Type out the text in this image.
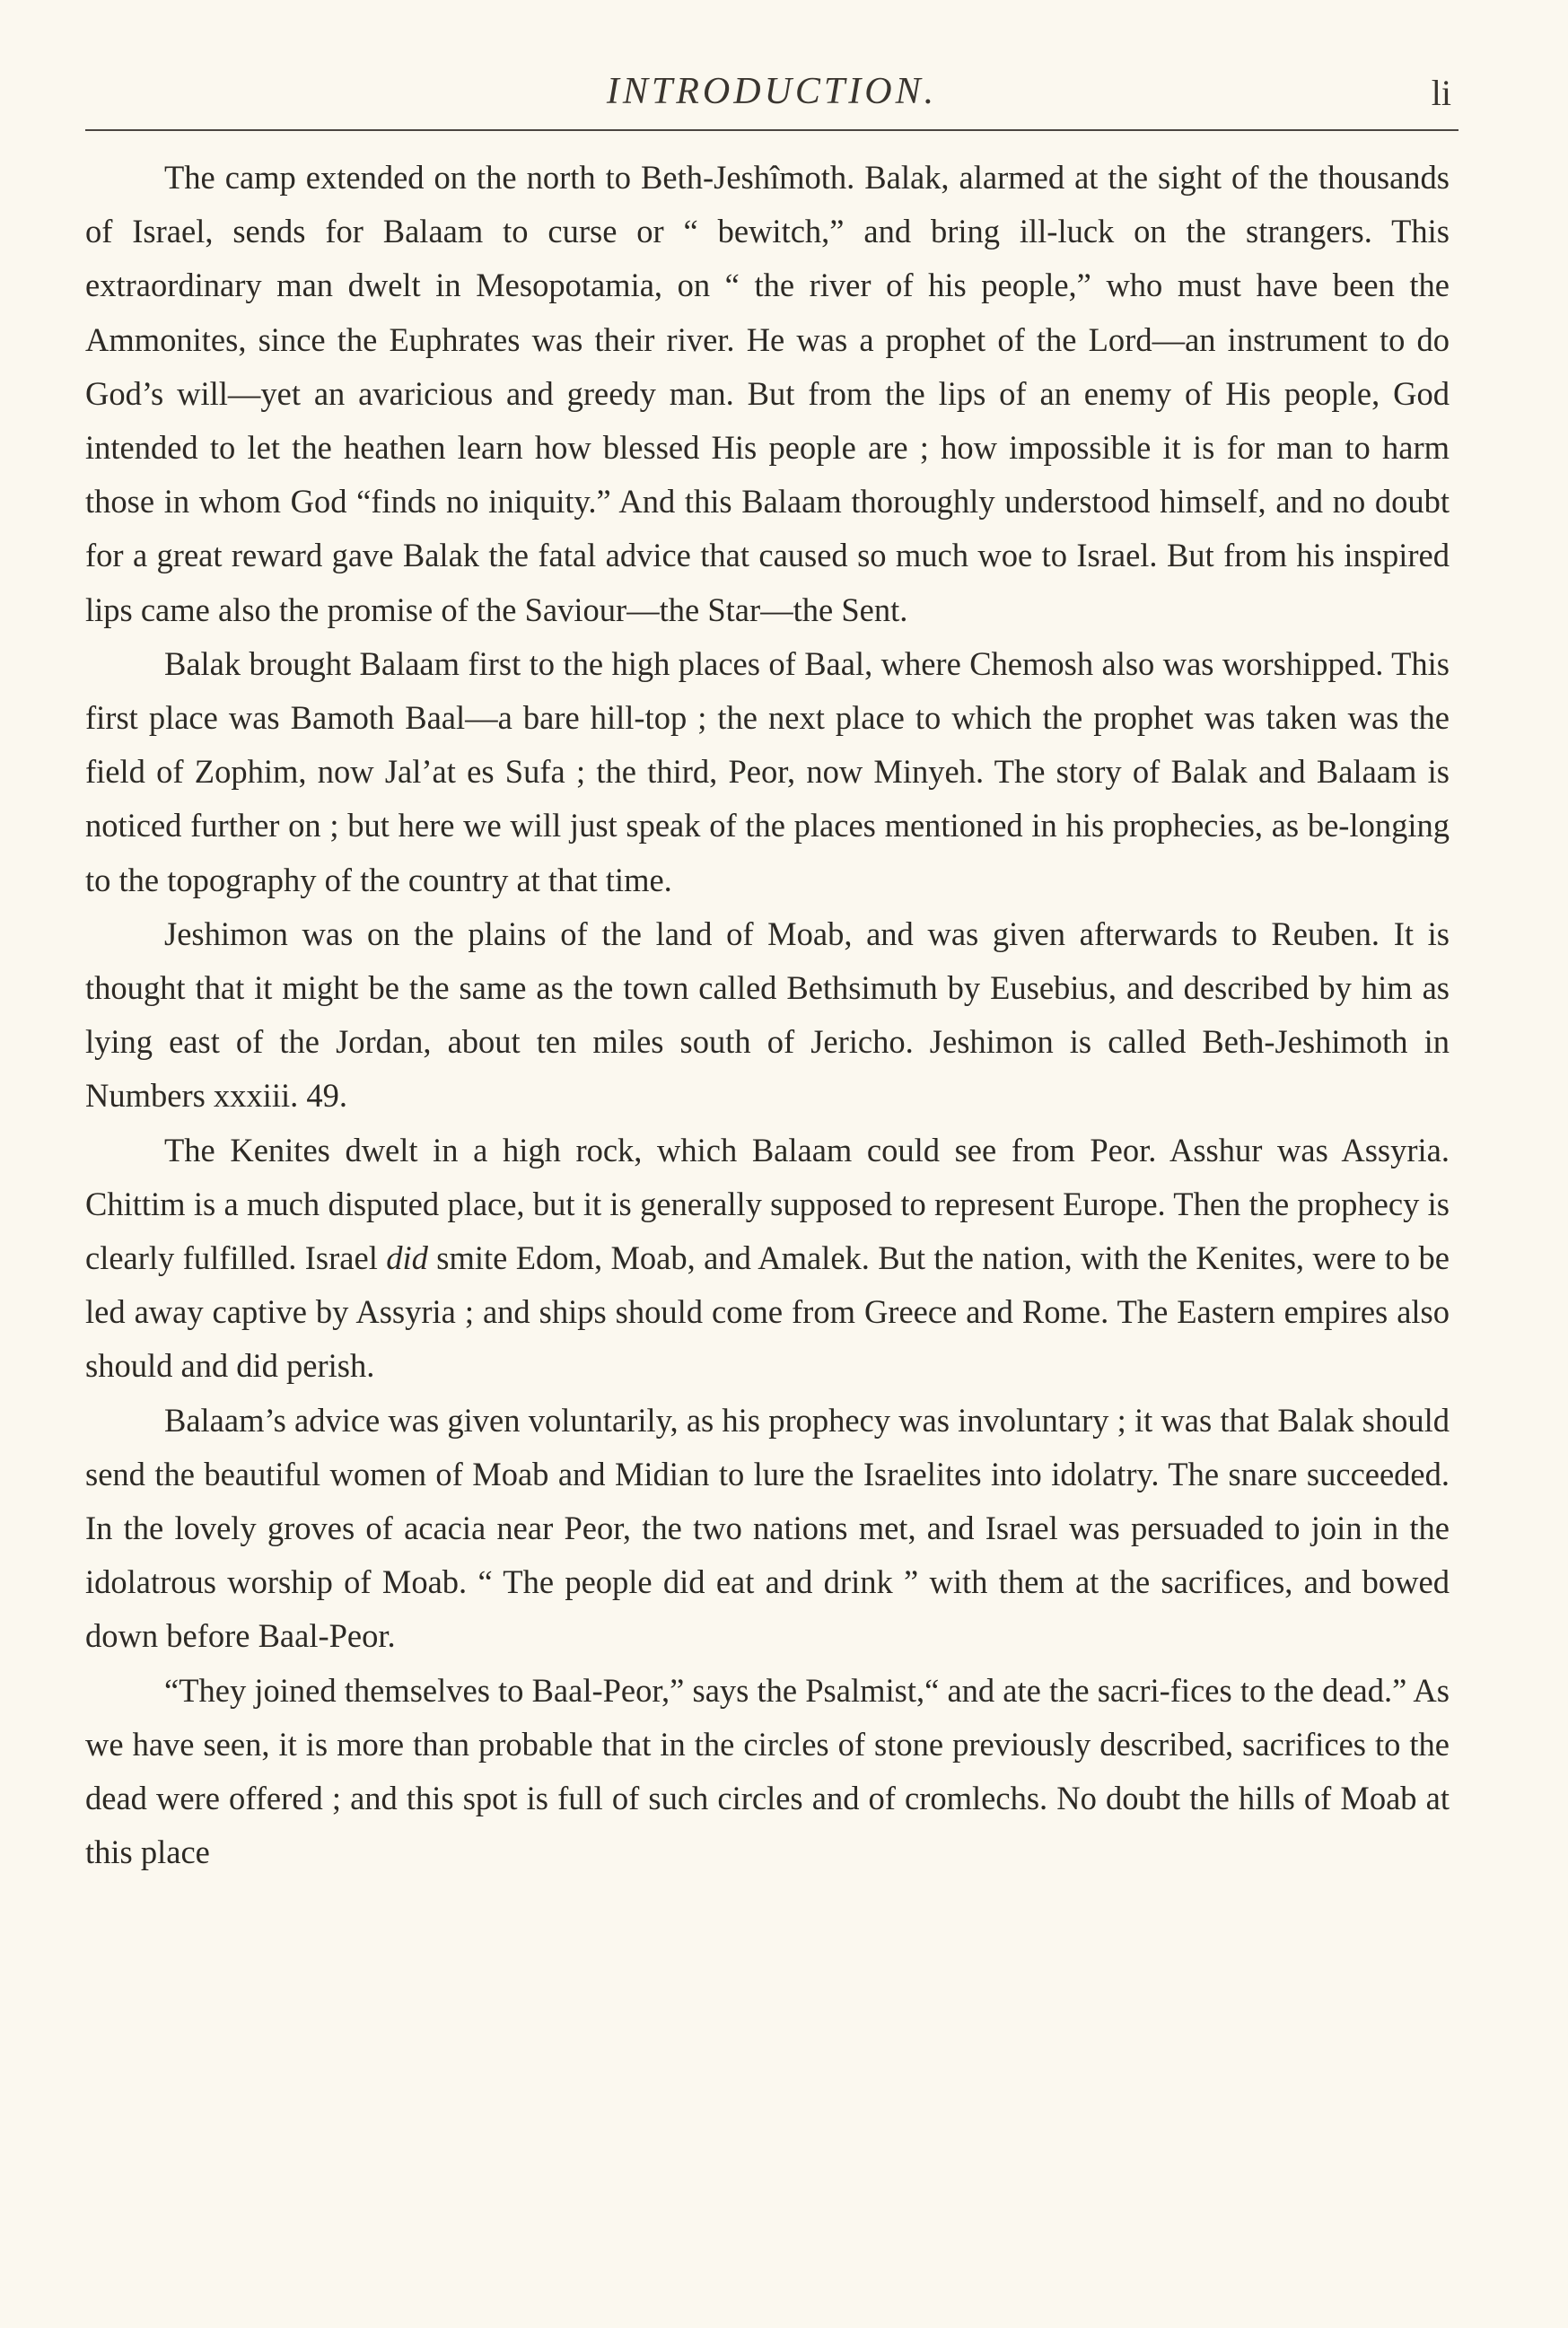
INTRODUCTION.	li

The camp extended on the north to Beth-Jeshîmoth. Balak, alarmed at the sight of the thousands of Israel, sends for Balaam to curse or “ bewitch,” and bring ill-luck on the strangers. This extraordinary man dwelt in Mesopotamia, on “ the river of his people,” who must have been the Ammonites, since the Euphrates was their river. He was a prophet of the Lord—an instrument to do God’s will—yet an avaricious and greedy man. But from the lips of an enemy of His people, God intended to let the heathen learn how blessed His people are ; how impossible it is for man to harm those in whom God “finds no iniquity.” And this Balaam thoroughly understood himself, and no doubt for a great reward gave Balak the fatal advice that caused so much woe to Israel. But from his inspired lips came also the promise of the Saviour—the Star—the Sent.

Balak brought Balaam first to the high places of Baal, where Chemosh also was worshipped. This first place was Bamoth Baal—a bare hill-top ; the next place to which the prophet was taken was the field of Zophim, now Jal’at es Sufa ; the third, Peor, now Minyeh. The story of Balak and Balaam is noticed further on ; but here we will just speak of the places mentioned in his prophecies, as be-longing to the topography of the country at that time.

Jeshimon was on the plains of the land of Moab, and was given afterwards to Reuben. It is thought that it might be the same as the town called Bethsimuth by Eusebius, and described by him as lying east of the Jordan, about ten miles south of Jericho. Jeshimon is called Beth-Jeshimoth in Numbers xxxiii. 49.

The Kenites dwelt in a high rock, which Balaam could see from Peor. Asshur was Assyria. Chittim is a much disputed place, but it is generally supposed to represent Europe. Then the prophecy is clearly fulfilled. Israel did smite Edom, Moab, and Amalek. But the nation, with the Kenites, were to be led away captive by Assyria ; and ships should come from Greece and Rome. The Eastern empires also should and did perish.

Balaam’s advice was given voluntarily, as his prophecy was involuntary ; it was that Balak should send the beautiful women of Moab and Midian to lure the Israelites into idolatry. The snare succeeded. In the lovely groves of acacia near Peor, the two nations met, and Israel was persuaded to join in the idolatrous worship of Moab. “ The people did eat and drink ” with them at the sacrifices, and bowed down before Baal-Peor.

“They joined themselves to Baal-Peor,” says the Psalmist,“ and ate the sacri-fices to the dead.” As we have seen, it is more than probable that in the circles of stone previously described, sacrifices to the dead were offered ; and this spot is full of such circles and of cromlechs. No doubt the hills of Moab at this place
